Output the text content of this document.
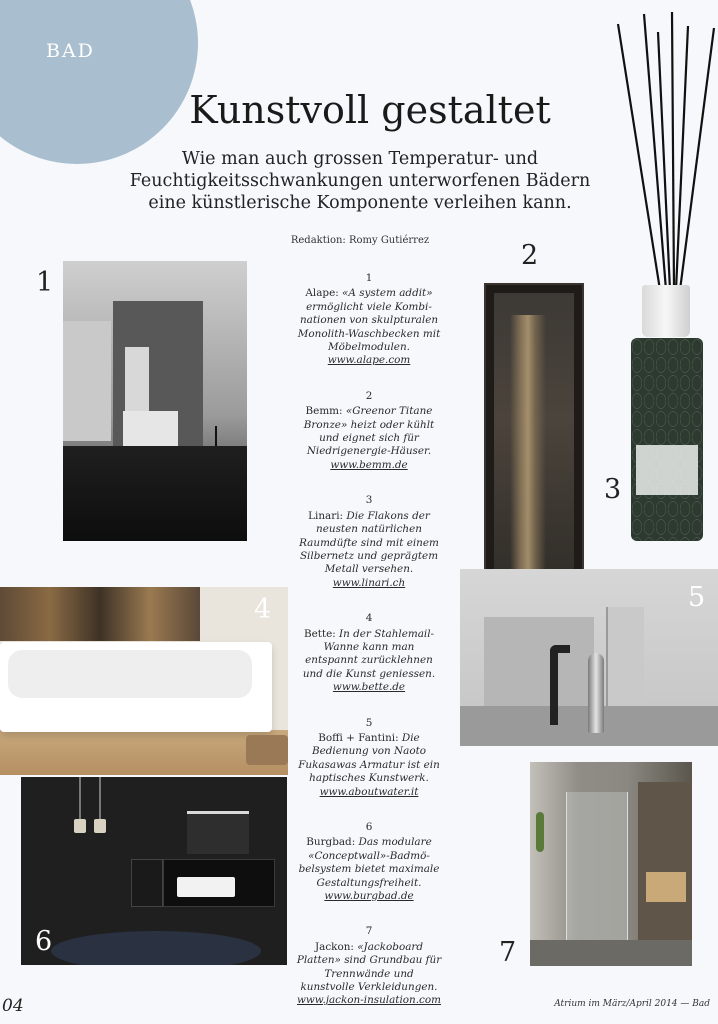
BAD
Kunstvoll gestaltet
Wie man auch grossen Temperatur- und
Feuchtigkeitsschwankungen unterworfenen Bädern
eine künstlerische Komponente verleihen kann.
Redaktion: Romy Gutiérrez
1
2
3
4	5
6	7
1
Alape: «A system addit» ermöglicht viele Kombinationen von skulpturalen Monolith-Waschbecken mit Möbelmodulen.
www.alape.com
2
Bemm: «Greenor Titane Bronze» heizt oder kühlt und eignet sich für Niedrigenergie-Häuser.
www.bemm.de
3
Linari: Die Flakons der neusten natürlichen Raumdüfte sind mit einem Silbernetz und geprägtem Metall versehen.
www.linari.ch
4
Bette: In der Stahlemail-Wanne kann man entspannt zurücklehnen und die Kunst geniessen.
www.bette.de
5
Boffi + Fantini: Die Bedienung von Naoto Fukasawas Armatur ist ein haptisches Kunstwerk.
www.aboutwater.it
6
Burgbad: Das modulare «Conceptwall»-Badmöbelsystem bietet maximale Gestaltungsfreiheit.
www.burgbad.de
7
Jackon: «Jackoboard Platten» sind Grundbau für Trennwände und kunstvolle Verkleidungen.
www.jackon-insulation.com
04	Atrium im März/April 2014 — Bad
